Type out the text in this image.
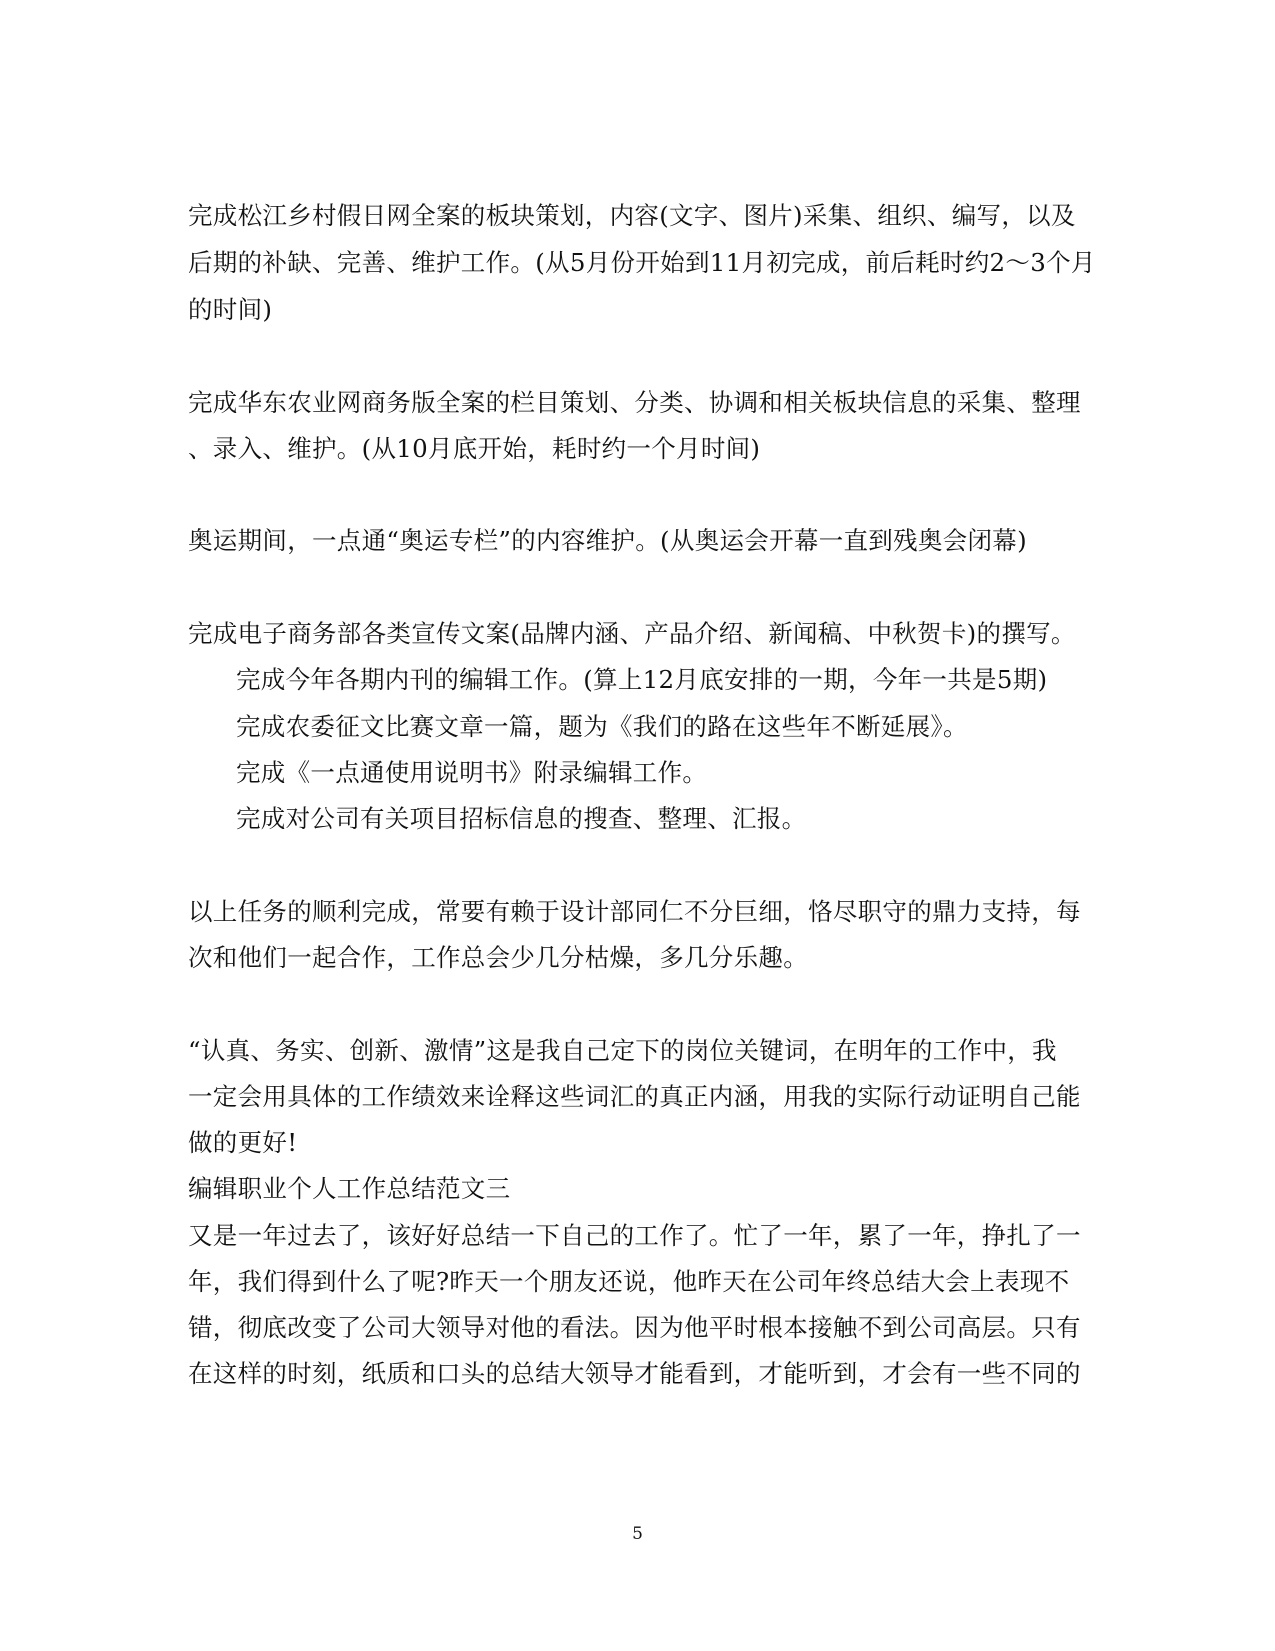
完成松江乡村假日网全案的板块策划，内容(文字、图片)采集、组织、编写，以及
后期的补缺、完善、维护工作。(从5月份开始到11月初完成，前后耗时约2～3个月
的时间)
完成华东农业网商务版全案的栏目策划、分类、协调和相关板块信息的采集、整理
、录入、维护。(从10月底开始，耗时约一个月时间)
奥运期间，一点通“奥运专栏”的内容维护。(从奥运会开幕一直到残奥会闭幕)
完成电子商务部各类宣传文案(品牌内涵、产品介绍、新闻稿、中秋贺卡)的撰写。
完成今年各期内刊的编辑工作。(算上12月底安排的一期，今年一共是5期)
完成农委征文比赛文章一篇，题为《我们的路在这些年不断延展》。
完成《一点通使用说明书》附录编辑工作。
完成对公司有关项目招标信息的搜查、整理、汇报。
以上任务的顺利完成，常要有赖于设计部同仁不分巨细，恪尽职守的鼎力支持，每
次和他们一起合作，工作总会少几分枯燥，多几分乐趣。
“认真、务实、创新、激情”这是我自己定下的岗位关键词，在明年的工作中，我
一定会用具体的工作绩效来诠释这些词汇的真正内涵，用我的实际行动证明自己能
做的更好!
编辑职业个人工作总结范文三
又是一年过去了，该好好总结一下自己的工作了。忙了一年，累了一年，挣扎了一
年，我们得到什么了呢?昨天一个朋友还说，他昨天在公司年终总结大会上表现不
错，彻底改变了公司大领导对他的看法。因为他平时根本接触不到公司高层。只有
在这样的时刻，纸质和口头的总结大领导才能看到，才能听到，才会有一些不同的
5
